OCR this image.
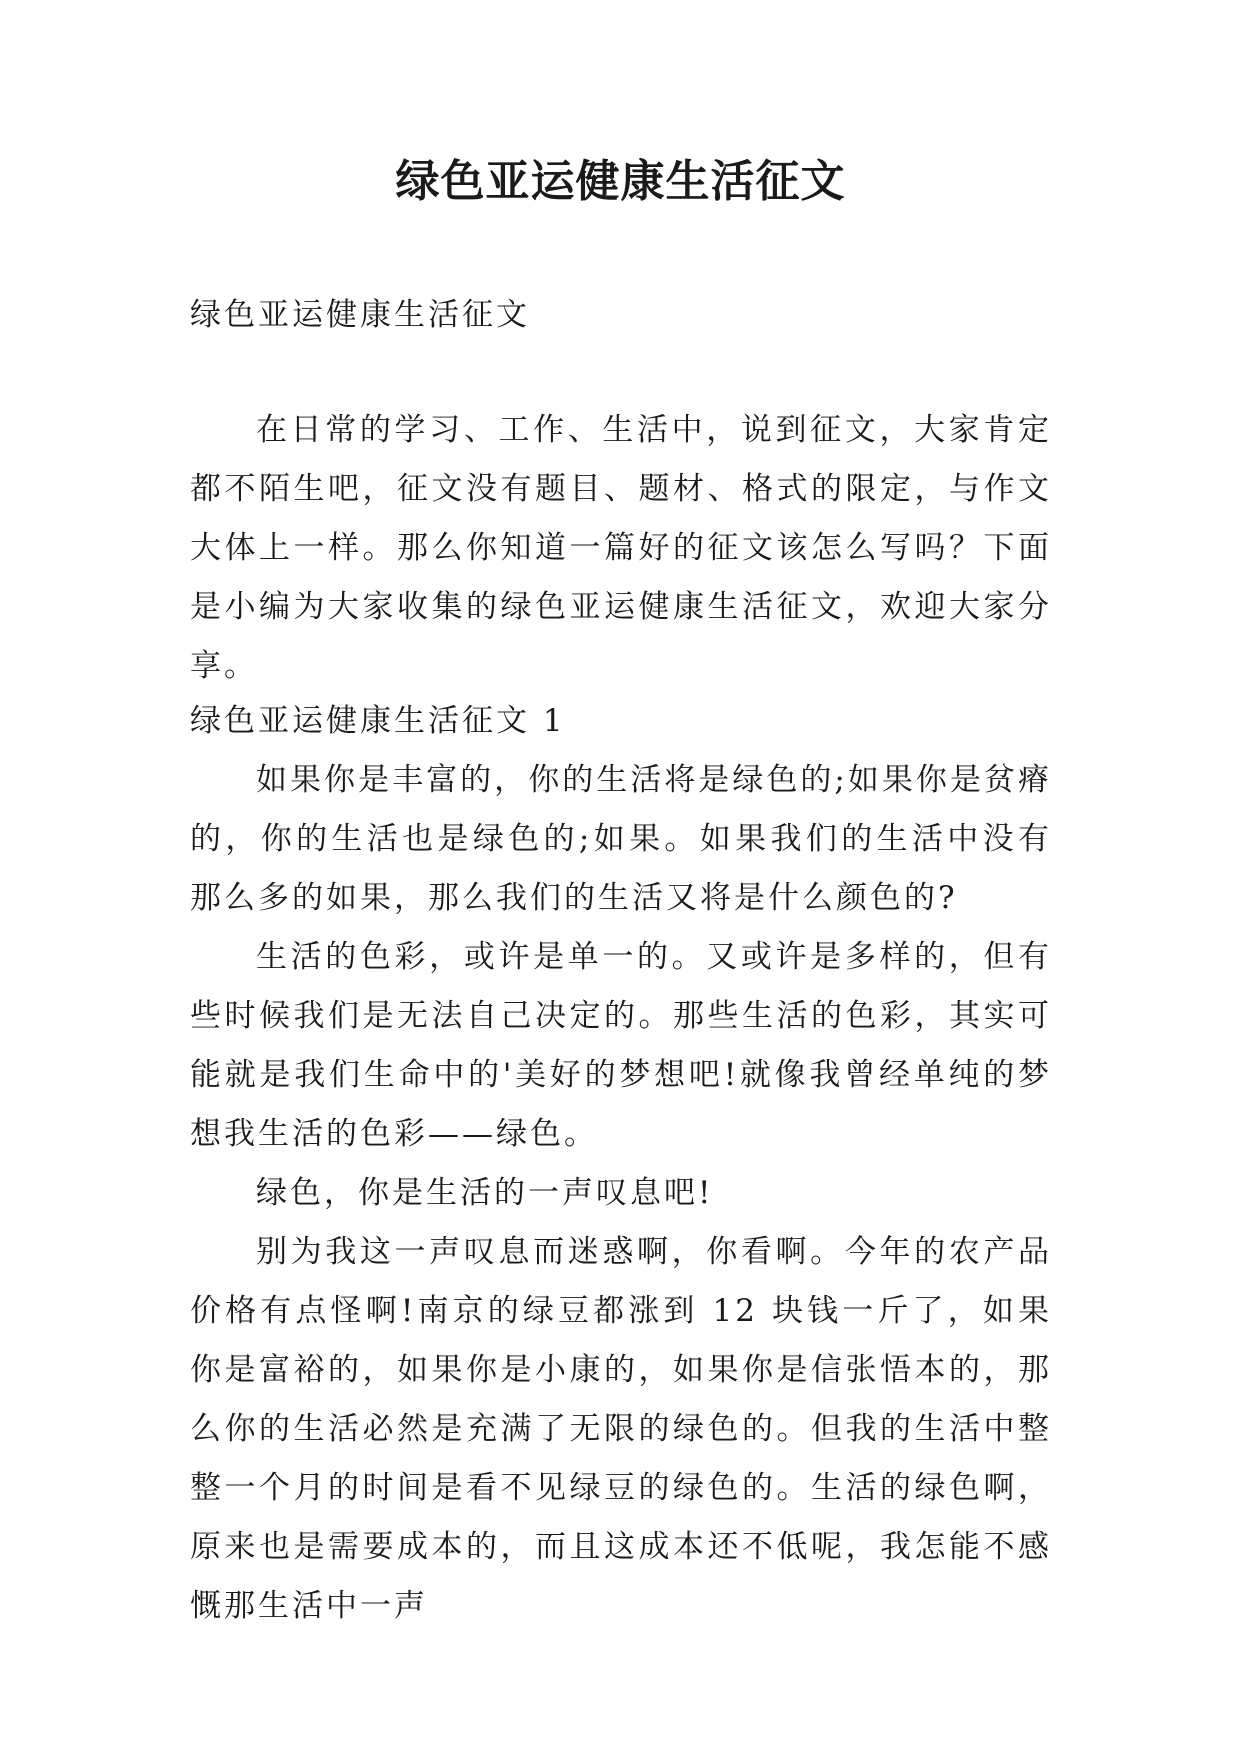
绿色亚运健康生活征文

绿色亚运健康生活征文

在日常的学习、工作、生活中，说到征文，大家肯定都不陌生吧，征文没有题目、题材、格式的限定，与作文大体上一样。那么你知道一篇好的征文该怎么写吗？下面是小编为大家收集的绿色亚运健康生活征文，欢迎大家分享。

绿色亚运健康生活征文 1

如果你是丰富的，你的生活将是绿色的;如果你是贫瘠的，你的生活也是绿色的;如果。如果我们的生活中没有那么多的如果，那么我们的生活又将是什么颜色的?

生活的色彩，或许是单一的。又或许是多样的，但有些时候我们是无法自己决定的。那些生活的色彩，其实可能就是我们生命中的'美好的梦想吧!就像我曾经单纯的梦想我生活的色彩——绿色。

绿色，你是生活的一声叹息吧!

别为我这一声叹息而迷惑啊，你看啊。今年的农产品价格有点怪啊!南京的绿豆都涨到 12 块钱一斤了，如果你是富裕的，如果你是小康的，如果你是信张悟本的，那么你的生活必然是充满了无限的绿色的。但我的生活中整整一个月的时间是看不见绿豆的绿色的。生活的绿色啊，原来也是需要成本的，而且这成本还不低呢，我怎能不感慨那生活中一声
